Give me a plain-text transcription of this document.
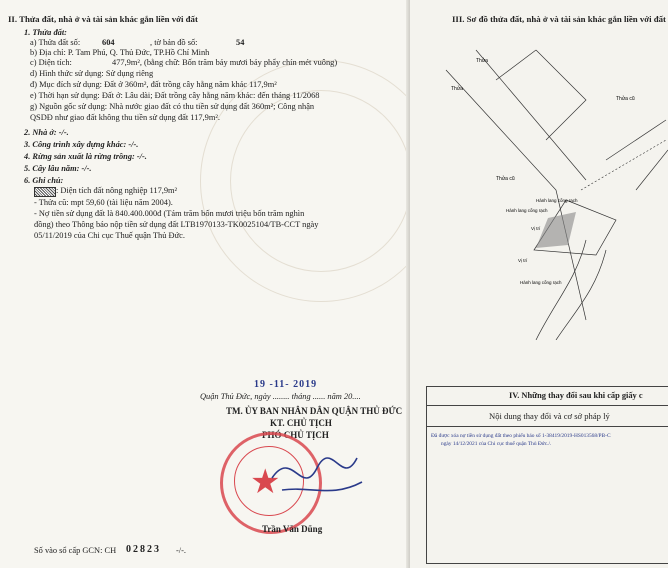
II. Thửa đất, nhà ở và tài sản khác gắn liền với đất
1. Thửa đất:
a) Thửa đất số:	604	, tờ bản đồ số:	54
b) Địa chỉ: P. Tam Phú, Q. Thủ Đức, TP.Hồ Chí Minh
c) Diện tích:	477,9m², (bằng chữ: Bốn trăm bảy mươi bảy phẩy chín mét vuông)
d) Hình thức sử dụng: Sử dụng riêng
đ) Mục đích sử dụng: Đất ở 360m², đất trồng cây hằng năm khác 117,9m²
e) Thời hạn sử dụng: Đất ở: Lâu dài; Đất trồng cây hằng năm khác: đến tháng 11/2068
g) Nguồn gốc sử dụng: Nhà nước giao đất có thu tiền sử dụng đất 360m²; Công nhận
QSDĐ như giao đất không thu tiền sử dụng đất 117,9m².
2. Nhà ở: -/-.
3. Công trình xây dựng khác: -/-.
4. Rừng sản xuất là rừng trồng: -/-.
5. Cây lâu năm: -/-.
6. Ghi chú:
: Diện tích đất nông nghiệp 117,9m²
- Thửa cũ: mpt 59,60 (tài liệu năm 2004).
- Nợ tiền sử dụng đất là 840.400.000đ (Tám trăm bốn mươi triệu bốn trăm nghìn
đồng) theo Thông báo nộp tiền sử dụng đất LTB1970133-TK0025104/TB-CCT ngày
05/11/2019 của Chi cục Thuế quận Thủ Đức.
19 -11- 2019
Quận Thủ Đức, ngày ........ tháng ...... năm 20....
TM. ỦY BAN NHÂN DÂN QUẬN THỦ ĐỨC
KT. CHỦ TỊCH
PHÓ CHỦ TỊCH
★
Trần Văn Dũng
Số vào sổ cấp GCN: CH 02823 -/-.
III. Sơ đồ thửa đất, nhà ở và tài sản khác gắn liền với đất
Thửa
Thửa
Thửa cũ
Thửa cũ
Hành lang cổng rạch
Vị trí
Hành lang cổng rạch
Vị trí
Hành lang cổng rạch
IV. Những thay đổi sau khi cấp giấy c
Nội dung thay đổi và cơ sở pháp lý
Đã được xóa nợ tiền sử dụng đất theo phiếu báo số 1-38419/2019-HS013568/PB-C
ngày 14/12/2021 của Chi cục thuế quận Thủ Đức./.
